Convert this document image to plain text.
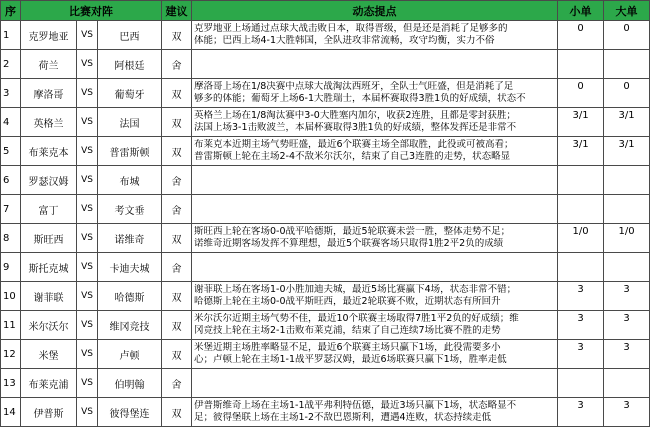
序	比赛对阵			建议	动态提点	小单	大单
1	克罗地亚	VS	巴西	双	克罗地亚上场通过点球大战击败日本，取得晋级，但是还是消耗了足够多的
体能；巴西上场4-1大胜韩国，全队进攻非常流畅，攻守均衡，实力不俗	0	0
2	荷兰	VS	阿根廷	舍	

3	摩洛哥	VS	葡萄牙	双	摩洛哥上场在1/8决赛中点球大战淘汰西班牙，全队士气旺盛，但是消耗了足
够多的体能；葡萄牙上场6-1大胜瑞士，本届杯赛取得3胜1负的好成绩，状态不	0	0
4	英格兰	VS	法国	双	英格兰上场在1/8淘汰赛中3-0大胜塞内加尔，收获2连胜，且都是零封获胜；
法国上场3-1击败波兰，本届杯赛取得3胜1负的好成绩，整体发挥还是非常不	3/1	3/1
5	布莱克本	VS	普雷斯顿	双	布莱克本近期主场气势旺盛，最近6个联赛主场全部取胜，此役或可被高看；
普雷斯顿上轮在主场2-4不敌米尔沃尔，结束了自己3连胜的走势，状态略显	3/1	3/1
6	罗瑟汉姆	VS	布城	舍	

7	富丁	VS	考文垂	舍	

8	斯旺西	VS	诺维奇	双	斯旺西上轮在客场0-0战平哈德斯，最近5轮联赛未尝一胜，整体走势不足；
诺维奇近期客场发挥不算理想，最近5个联赛客场只取得1胜2平2负的成绩	1/0	1/0
9	斯托克城	VS	卡迪夫城	舍	

10	谢菲联	VS	哈德斯	双	谢菲联上场在客场1-0小胜加迪夫城，最近5场比赛赢下4场，状态非常不错；
哈德斯上轮在主场0-0战平斯旺西，最近2轮联赛不败，近期状态有所回升	3	3
11	米尔沃尔	VS	维冈竞技	双	米尔沃尔近期主场气势不佳，最近10个联赛主场取得7胜1平2负的好成绩；维
冈竞技上轮在主场2-1击败布莱克浦，结束了自己连续7场比赛不胜的走势	3	3
12	米堡	VS	卢顿	双	米堡近期主场胜率略显不足，最近6个联赛主场只赢下1场，此役需要多小
心；卢顿上轮在主场1-1战平罗瑟汉姆，最近6场联赛只赢下1场，胜率走低	3	3
13	布莱克浦	VS	伯明翰	舍	

14	伊普斯	VS	彼得堡连	双	伊普斯维奇上场在主场1-1战平弗利特伍德，最近3场只赢下1场，状态略显不
足；彼得堡联上场在主场1-2不敌巴恩斯利，遭遇4连败，状态持续走低	3	3
